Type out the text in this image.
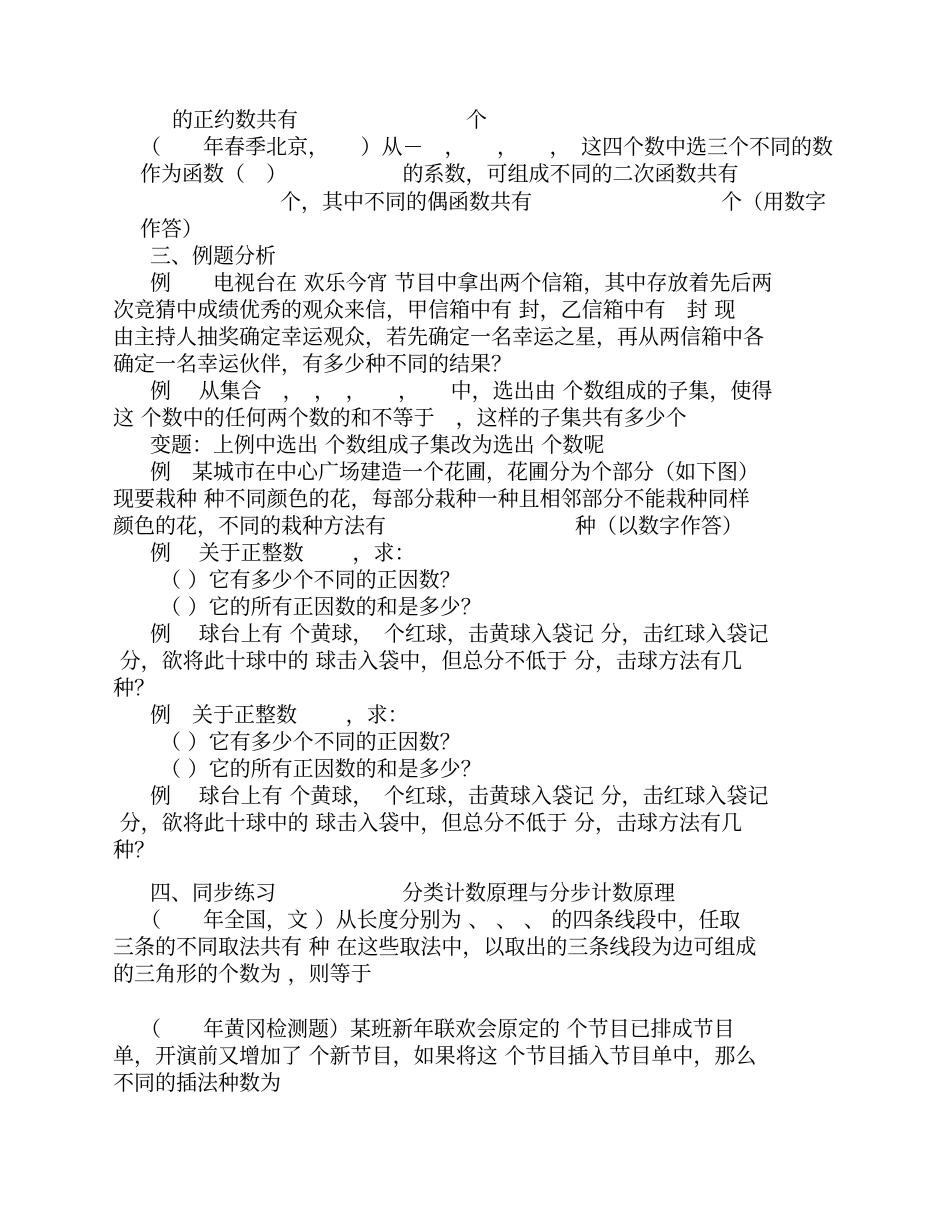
的正约数共有　　　　　　　　个
（　　年春季北京，　　）从－　，　　，　　，　这四个数中选三个不同的数
作为函数（　）　　　　　　的系数，可组成不同的二次函数共有
个，其中不同的偶函数共有　　　　　　　　　个（用数字
作答）
三、例题分析
例　　电视台在 欢乐今宵 节目中拿出两个信箱，其中存放着先后两
次竞猜中成绩优秀的观众来信，甲信箱中有 封，乙信箱中有　封 现
由主持人抽奖确定幸运观众，若先确定一名幸运之星，再从两信箱中各
确定一名幸运伙伴，有多少种不同的结果？
例　 从集合　，　，　，　　，　　中，选出由 个数组成的子集，使得
这 个数中的任何两个数的和不等于　，这样的子集共有多少个
变题：上例中选出 个数组成子集改为选出 个数呢
例　某城市在中心广场建造一个花圃，花圃分为个部分（如下图）
现要栽种 种不同颜色的花，每部分栽种一种且相邻部分不能栽种同样
颜色的花，不同的栽种方法有　　　　　　　　　种（以数字作答）
例　 关于正整数　　 ，求：
（ ）它有多少个不同的正因数？
（ ）它的所有正因数的和是多少？
例　 球台上有 个黄球，　个红球，击黄球入袋记 分，击红球入袋记
分，欲将此十球中的 球击入袋中，但总分不低于 分，击球方法有几
种？
例　关于正整数　　 ，求：
（ ）它有多少个不同的正因数？
（ ）它的所有正因数的和是多少？
例　 球台上有 个黄球，　个红球，击黄球入袋记 分，击红球入袋记
分，欲将此十球中的 球击入袋中，但总分不低于 分，击球方法有几
种？
四、同步练习　　　　　　分类计数原理与分步计数原理
（　　年全国，文 ）从长度分别为 、 、 、 的四条线段中，任取
三条的不同取法共有 种 在这些取法中，以取出的三条线段为边可组成
的三角形的个数为 ，则等于
（　　年黄冈检测题）某班新年联欢会原定的 个节目已排成节目
单，开演前又增加了 个新节目，如果将这 个节目插入节目单中，那么
不同的插法种数为
